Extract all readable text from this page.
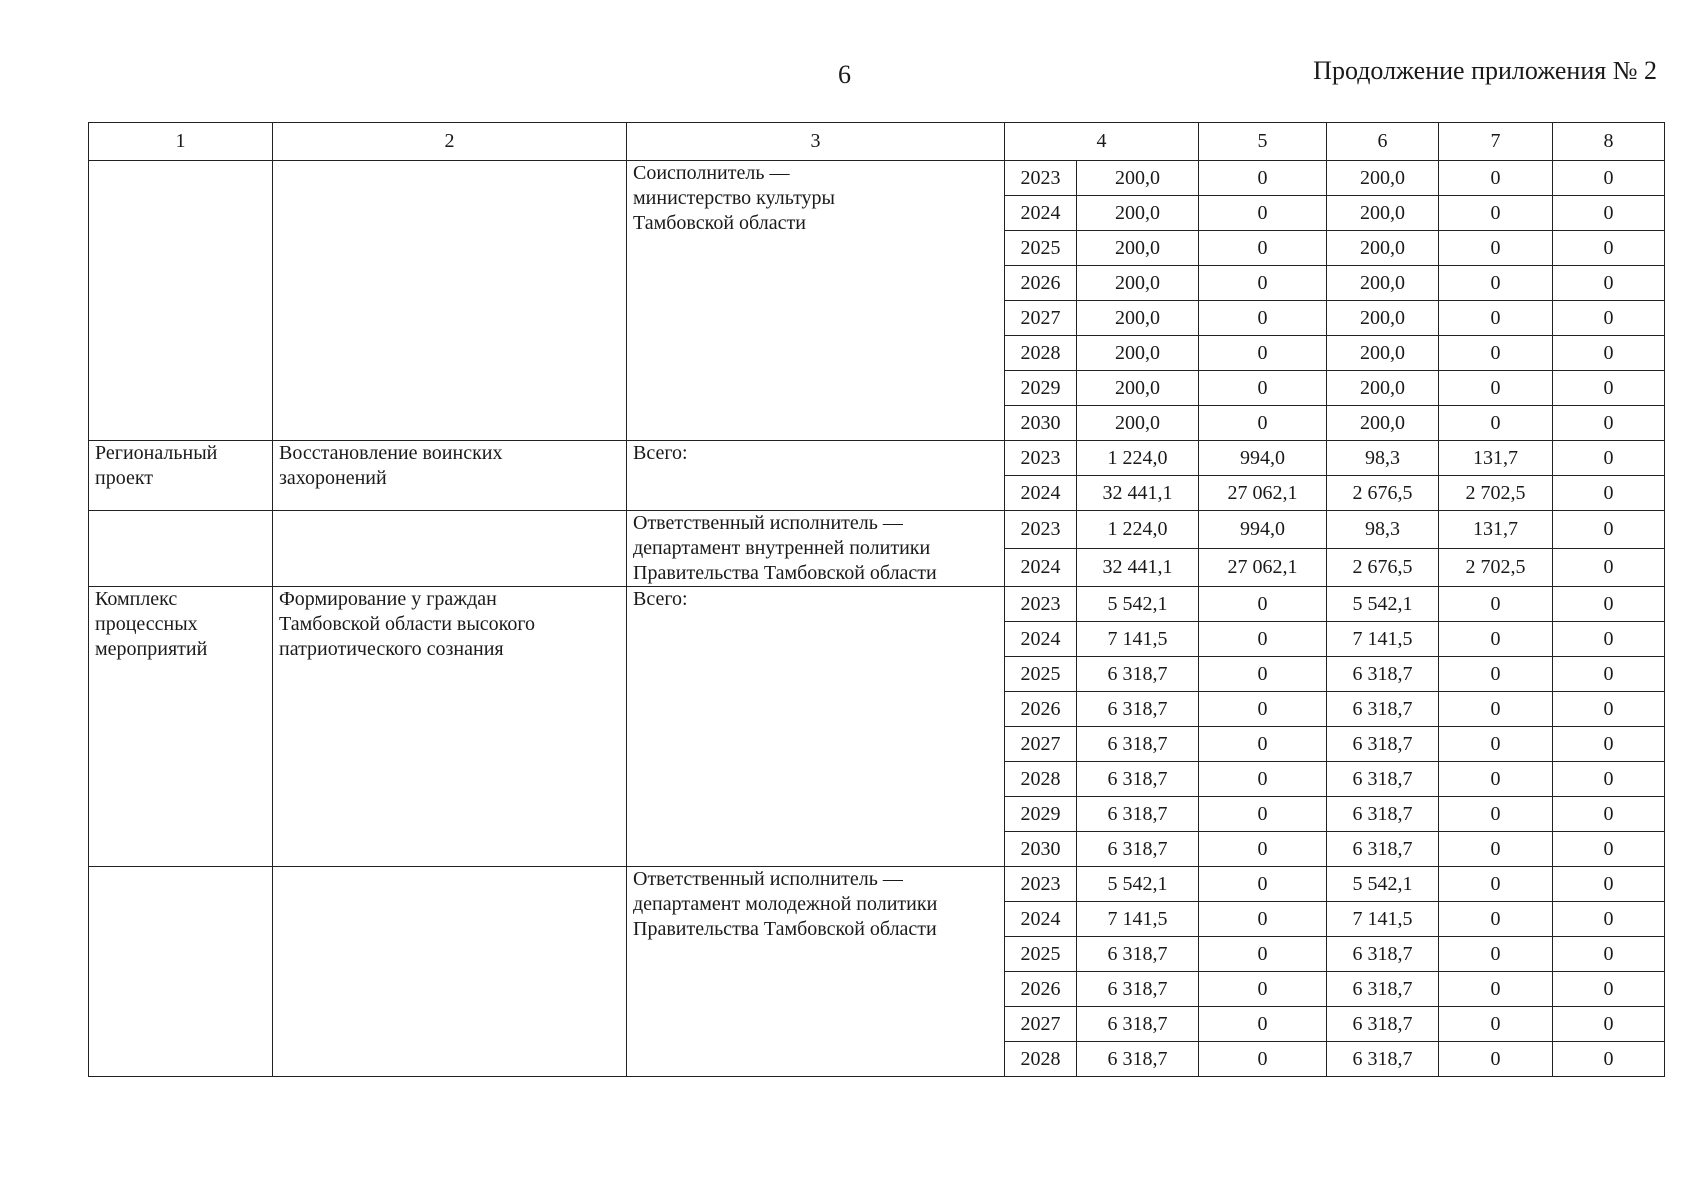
6	Продолжение приложения № 2
1	2	3	4		5	6	7	8
		Соисполнитель —
министерство культуры
Тамбовской области	2023	200,0	0	200,0	0	0
			2024	200,0	0	200,0	0	0
			2025	200,0	0	200,0	0	0
			2026	200,0	0	200,0	0	0
			2027	200,0	0	200,0	0	0
			2028	200,0	0	200,0	0	0
			2029	200,0	0	200,0	0	0
			2030	200,0	0	200,0	0	0
Региональный
проект	Восстановление воинских
захоронений	Всего:	2023	1 224,0	994,0	98,3	131,7	0
			2024	32 441,1	27 062,1	2 676,5	2 702,5	0
		Ответственный исполнитель —
департамент внутренней политики
Правительства Тамбовской области	2023	1 224,0	994,0	98,3	131,7	0
			2024	32 441,1	27 062,1	2 676,5	2 702,5	0
Комплекс
процессных
мероприятий	Формирование у граждан
Тамбовской области высокого
патриотического сознания	Всего:	2023	5 542,1	0	5 542,1	0	0
			2024	7 141,5	0	7 141,5	0	0
			2025	6 318,7	0	6 318,7	0	0
			2026	6 318,7	0	6 318,7	0	0
			2027	6 318,7	0	6 318,7	0	0
			2028	6 318,7	0	6 318,7	0	0
			2029	6 318,7	0	6 318,7	0	0
			2030	6 318,7	0	6 318,7	0	0
		Ответственный исполнитель —
департамент молодежной политики
Правительства Тамбовской области	2023	5 542,1	0	5 542,1	0	0
			2024	7 141,5	0	7 141,5	0	0
			2025	6 318,7	0	6 318,7	0	0
			2026	6 318,7	0	6 318,7	0	0
			2027	6 318,7	0	6 318,7	0	0
			2028	6 318,7	0	6 318,7	0	0
